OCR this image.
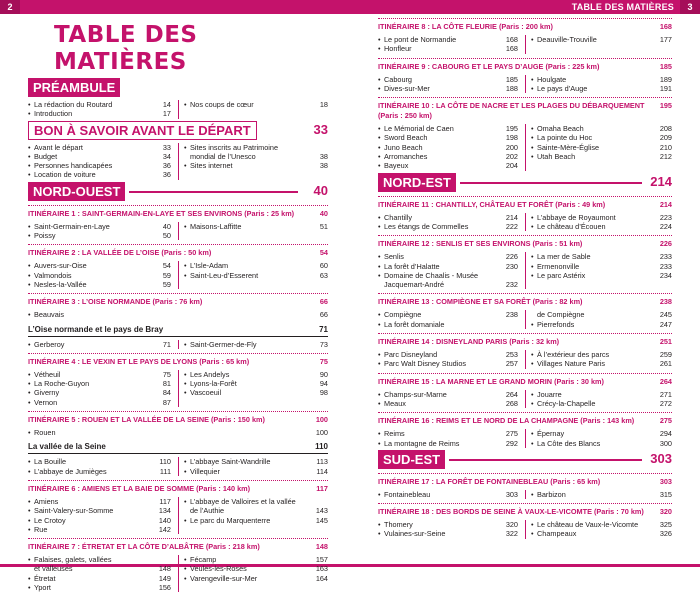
2	TABLE DES MATIÈRES	3
TABLE DES MATIÈRES
PRÉAMBULE
• La rédaction du Routard	14
• Introduction	17
• Nos coups de cœur	18
BON À SAVOIR AVANT LE DÉPART	33
• Avant le départ	33
• Budget	34
• Personnes handicapées	36
• Location de voiture	36
• Sites inscrits au Patrimoine
mondial de l’Unesco	38
• Sites internet	38
NORD-OUEST	40
ITINÉRAIRE 1 : SAINT-GERMAIN-EN-LAYE ET SES ENVIRONS (Paris : 25 km)	40
• Saint-Germain-en-Laye	40
• Poissy	50
• Maisons-Laffitte	51
ITINÉRAIRE 2 : LA VALLÉE DE L’OISE (Paris : 50 km)	54
• Auvers-sur-Oise	54
• Valmondois	59
• Nesles-la-Vallée	59
• L’Isle-Adam	60
• Saint-Leu-d’Esserent	63
ITINÉRAIRE 3 : L’OISE NORMANDE (Paris : 76 km)	66
• Beauvais	66
L’Oise normande et le pays de Bray	71
• Gerberoy	71 • Saint-Germer-de-Fly	73
ITINÉRAIRE 4 : LE VEXIN ET LE PAYS DE LYONS (Paris : 65 km)	75
• Vétheuil	75
• La Roche-Guyon	81
• Giverny	84
• Vernon	87
• Les Andelys	90
• Lyons-la-Forêt	94
• Vascoeuil	98
ITINÉRAIRE 5 : ROUEN ET LA VALLÉE DE LA SEINE (Paris : 150 km)	100
• Rouen	100
La vallée de la Seine	110
• La Bouille	110
• L’abbaye de Jumièges	111
• L’abbaye Saint-Wandrille	113
• Villequier	114
ITINÉRAIRE 6 : AMIENS ET LA BAIE DE SOMME (Paris : 140 km)	117
• Amiens	117
• Saint-Valery-sur-Somme	134
• Le Crotoy	140
• Rue	142
• L’abbaye de Valloires et la vallée
de l’Authie	143
• Le parc du Marquenterre	145
ITINÉRAIRE 7 : ÉTRETAT ET LA CÔTE D’ALBÂTRE (Paris : 218 km)	148
• Falaises, galets, vallées
et valleuses	148
• Étretat	149
• Yport	156
• Fécamp	157
• Veules-les-Roses	163
• Varengeville-sur-Mer	164
ITINÉRAIRE 8 : LA CÔTE FLEURIE (Paris : 200 km)	168
• Le pont de Normandie	168
• Honfleur	168
• Deauville-Trouville	177
ITINÉRAIRE 9 : CABOURG ET LE PAYS D’AUGE (Paris : 225 km)	185
• Cabourg	185
• Dives-sur-Mer	188
• Houlgate	189
• Le pays d’Auge	191
ITINÉRAIRE 10 : LA CÔTE DE NACRE ET LES PLAGES DU DÉBARQUEMENT (Paris : 250 km)
195
• Le Mémorial de Caen	195
• Sword Beach	198
• Juno Beach	200
• Arromanches	202
• Bayeux	204
• Omaha Beach	208
• La pointe du Hoc	209
• Sainte-Mère-Église	210
• Utah Beach	212
NORD-EST	214
ITINÉRAIRE 11 : CHANTILLY, CHÂTEAU ET FORÊT (Paris : 49 km)	214
• Chantilly	214
• Les étangs de Commelles	222
• L’abbaye de Royaumont	223
• Le château d’Écouen	224
ITINÉRAIRE 12 : SENLIS ET SES ENVIRONS (Paris : 51 km)	226
• Senlis	226
• La forêt d’Halatte	230
• Domaine de Chaalis - Musée
Jacquemart-André	232
• La mer de Sable	233
• Ermenonville	233
• Le parc Astérix	234
ITINÉRAIRE 13 : COMPIÈGNE ET SA FORÊT (Paris : 82 km)	238
• Compiègne	238
• La forêt domaniale
de Compiègne	245
• Pierrefonds	247
ITINÉRAIRE 14 : DISNEYLAND PARIS (Paris : 32 km)	251
• Parc Disneyland	253
• Parc Walt Disney Studios	257
• À l’extérieur des parcs	259
• Villages Nature Paris	261
ITINÉRAIRE 15 : LA MARNE ET LE GRAND MORIN (Paris : 30 km)	264
• Champs-sur-Marne	264
• Meaux	268
• Jouarre	271
• Crécy-la-Chapelle	272
ITINÉRAIRE 16 : REIMS ET LE NORD DE LA CHAMPAGNE (Paris : 143 km)	275
• Reims	275
• La montagne de Reims	292
• Épernay	294
• La Côte des Blancs	300
SUD-EST	303
ITINÉRAIRE 17 : LA FORÊT DE FONTAINEBLEAU (Paris : 65 km)	303
• Fontainebleau	303 • Barbizon	315
ITINÉRAIRE 18 : DES BORDS DE SEINE À VAUX-LE-VICOMTE (Paris : 70 km) 320
• Thomery	320
• Vulaines-sur-Seine	322
• Le château de Vaux-le-Vicomte	325
• Champeaux	326
